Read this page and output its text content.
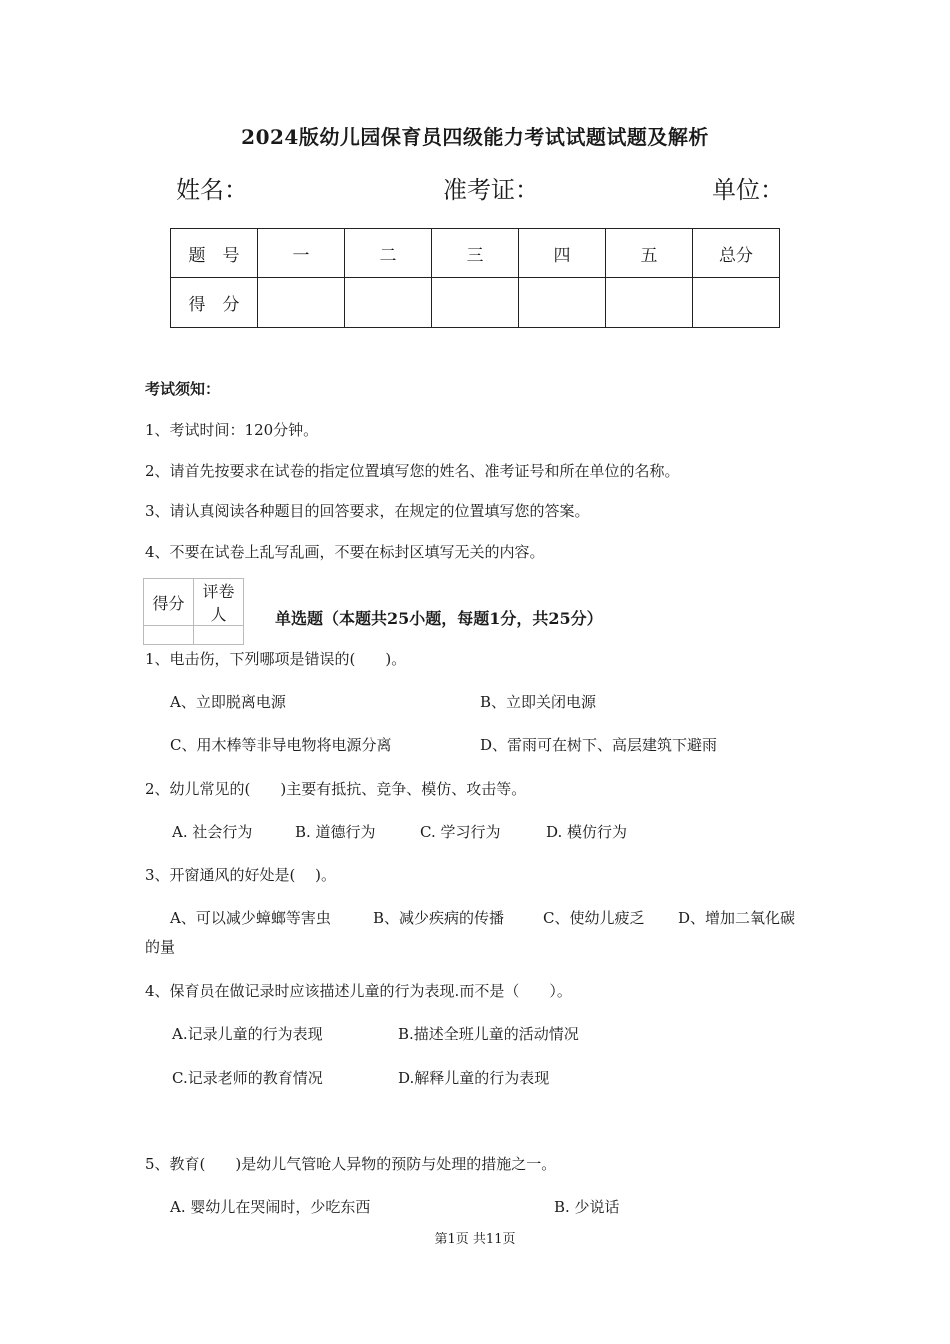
2024版幼儿园保育员四级能力考试试题试题及解析
姓名：	准考证：	单位：
题　号	一	二	三	四	五	总分
得　分						
考试须知：
1、考试时间：120分钟。
2、请首先按要求在试卷的指定位置填写您的姓名、准考证号和所在单位的名称。
3、请认真阅读各种题目的回答要求，在规定的位置填写您的答案。
4、不要在试卷上乱写乱画，不要在标封区填写无关的内容。
得分	评卷人
		单选题（本题共25小题，每题1分，共25分）
1、电击伤，下列哪项是错误的(　　)。
A、立即脱离电源	B、立即关闭电源
C、用木棒等非导电物将电源分离	D、雷雨可在树下、高层建筑下避雨
2、幼儿常见的(　　)主要有抵抗、竞争、模仿、攻击等。
A. 社会行为	B. 道德行为	C. 学习行为	D. 模仿行为
3、开窗通风的好处是(　 )。
A、可以减少蟑螂等害虫	B、减少疾病的传播	C、使幼儿疲乏 D、增加二氧化碳
的量
4、保育员在做记录时应该描述儿童的行为表现.而不是（　　）。
A.记录儿童的行为表现	B.描述全班儿童的活动情况
C.记录老师的教育情况	D.解释儿童的行为表现
5、教育(　　)是幼儿气管呛人异物的预防与处理的措施之一。
A. 婴幼儿在哭闹时，少吃东西	B. 少说话
第1页 共11页
